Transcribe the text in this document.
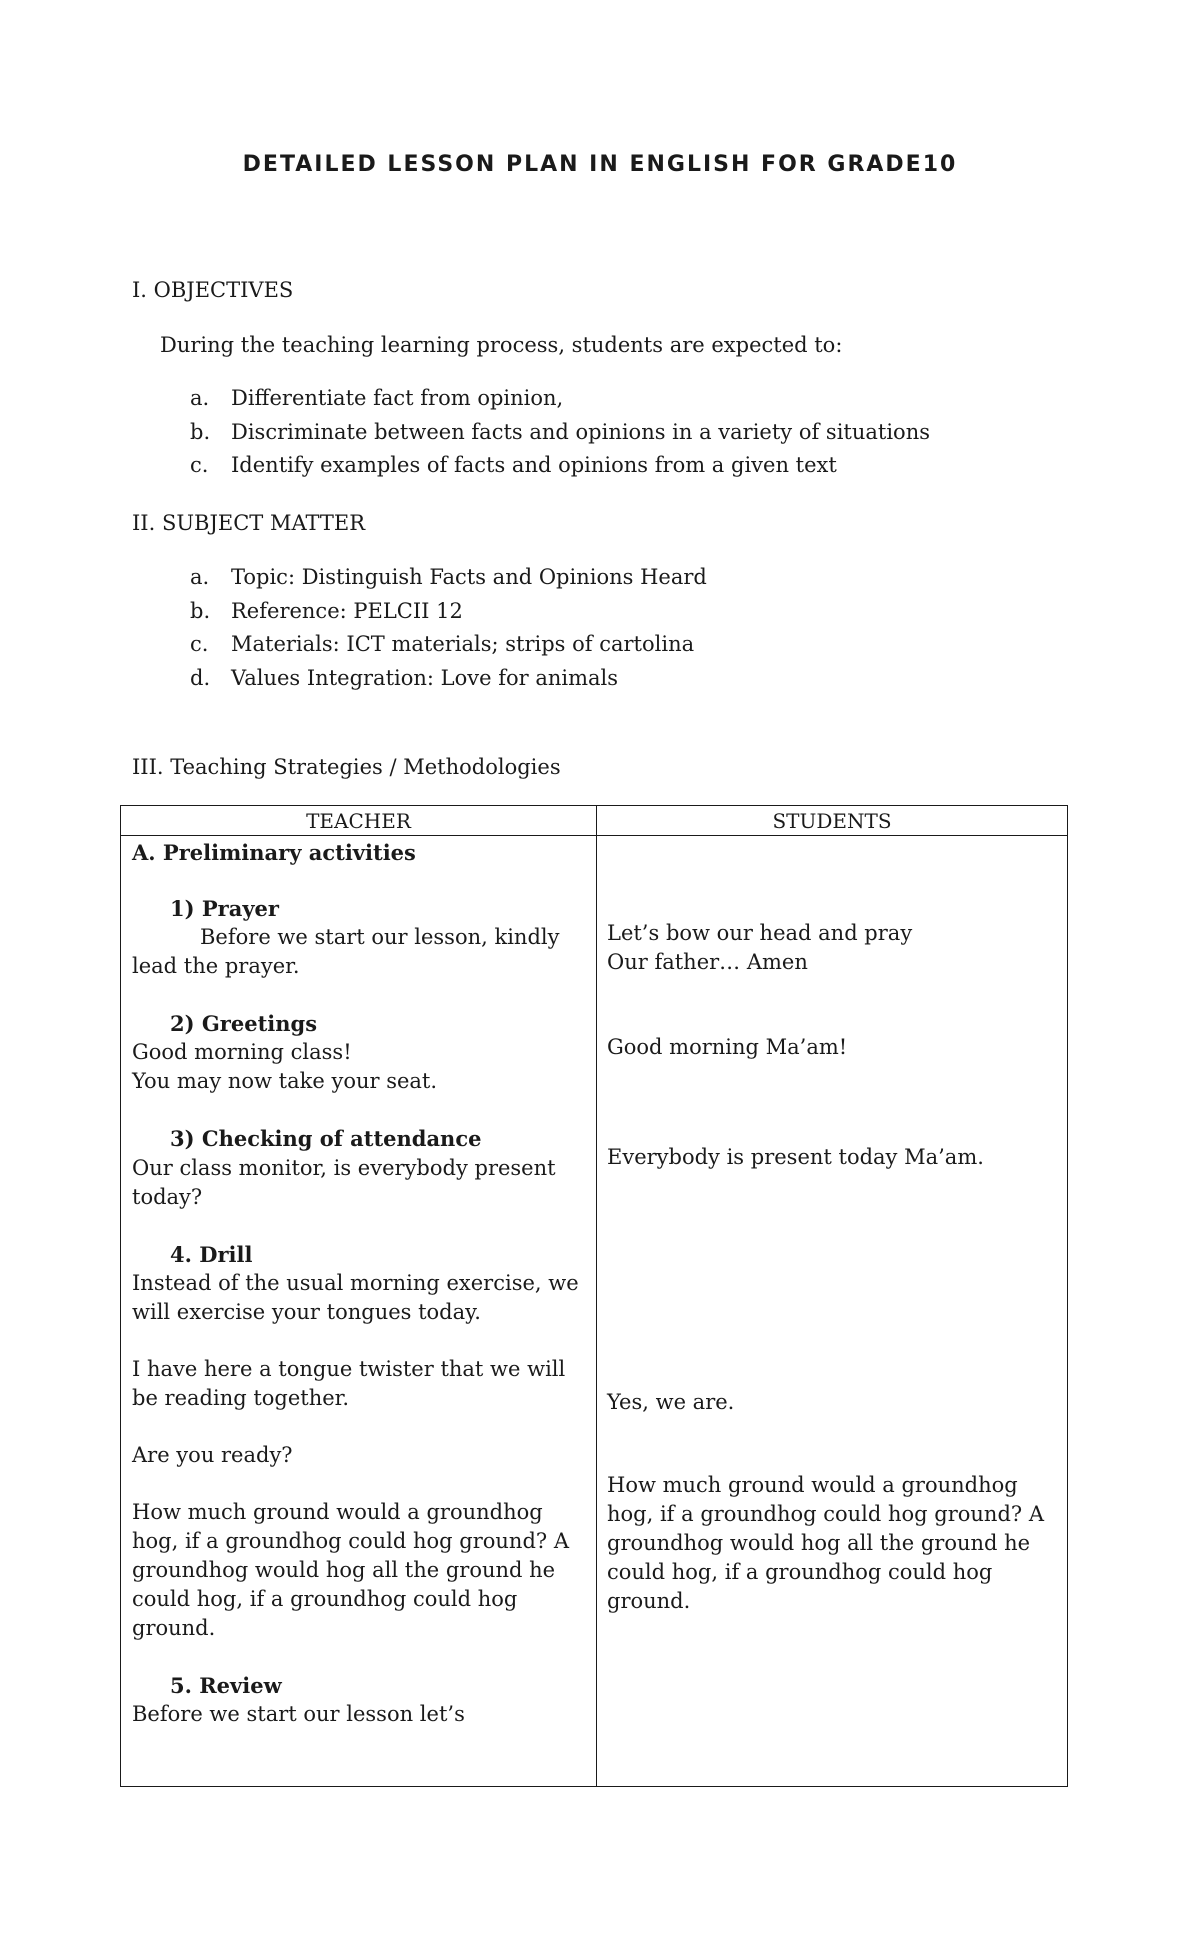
DETAILED LESSON PLAN IN ENGLISH FOR GRADE10
I. OBJECTIVES
During the teaching learning process, students are expected to:
a. Differentiate fact from opinion,
b. Discriminate between facts and opinions in a variety of situations
c. Identify examples of facts and opinions from a given text
II. SUBJECT MATTER
a. Topic: Distinguish Facts and Opinions Heard
b. Reference: PELCII 12
c. Materials: ICT materials; strips of cartolina
d. Values Integration: Love for animals
III. Teaching Strategies / Methodologies
TEACHER	STUDENTS
A. Preliminary activities
1) Prayer
Before we start our lesson, kindly
lead the prayer.
2) Greetings
Good morning class!
You may now take your seat.
3) Checking of attendance
Our class monitor, is everybody present
today?
4. Drill
Instead of the usual morning exercise, we
will exercise your tongues today.
I have here a tongue twister that we will
be reading together.
Are you ready?
How much ground would a groundhog
hog, if a groundhog could hog ground? A
groundhog would hog all the ground he
could hog, if a groundhog could hog
ground.
5. Review
Before we start our lesson let’s
Let’s bow our head and pray
Our father… Amen
Good morning Ma’am!
Everybody is present today Ma’am.
Yes, we are.
How much ground would a groundhog
hog, if a groundhog could hog ground? A
groundhog would hog all the ground he
could hog, if a groundhog could hog
ground.
